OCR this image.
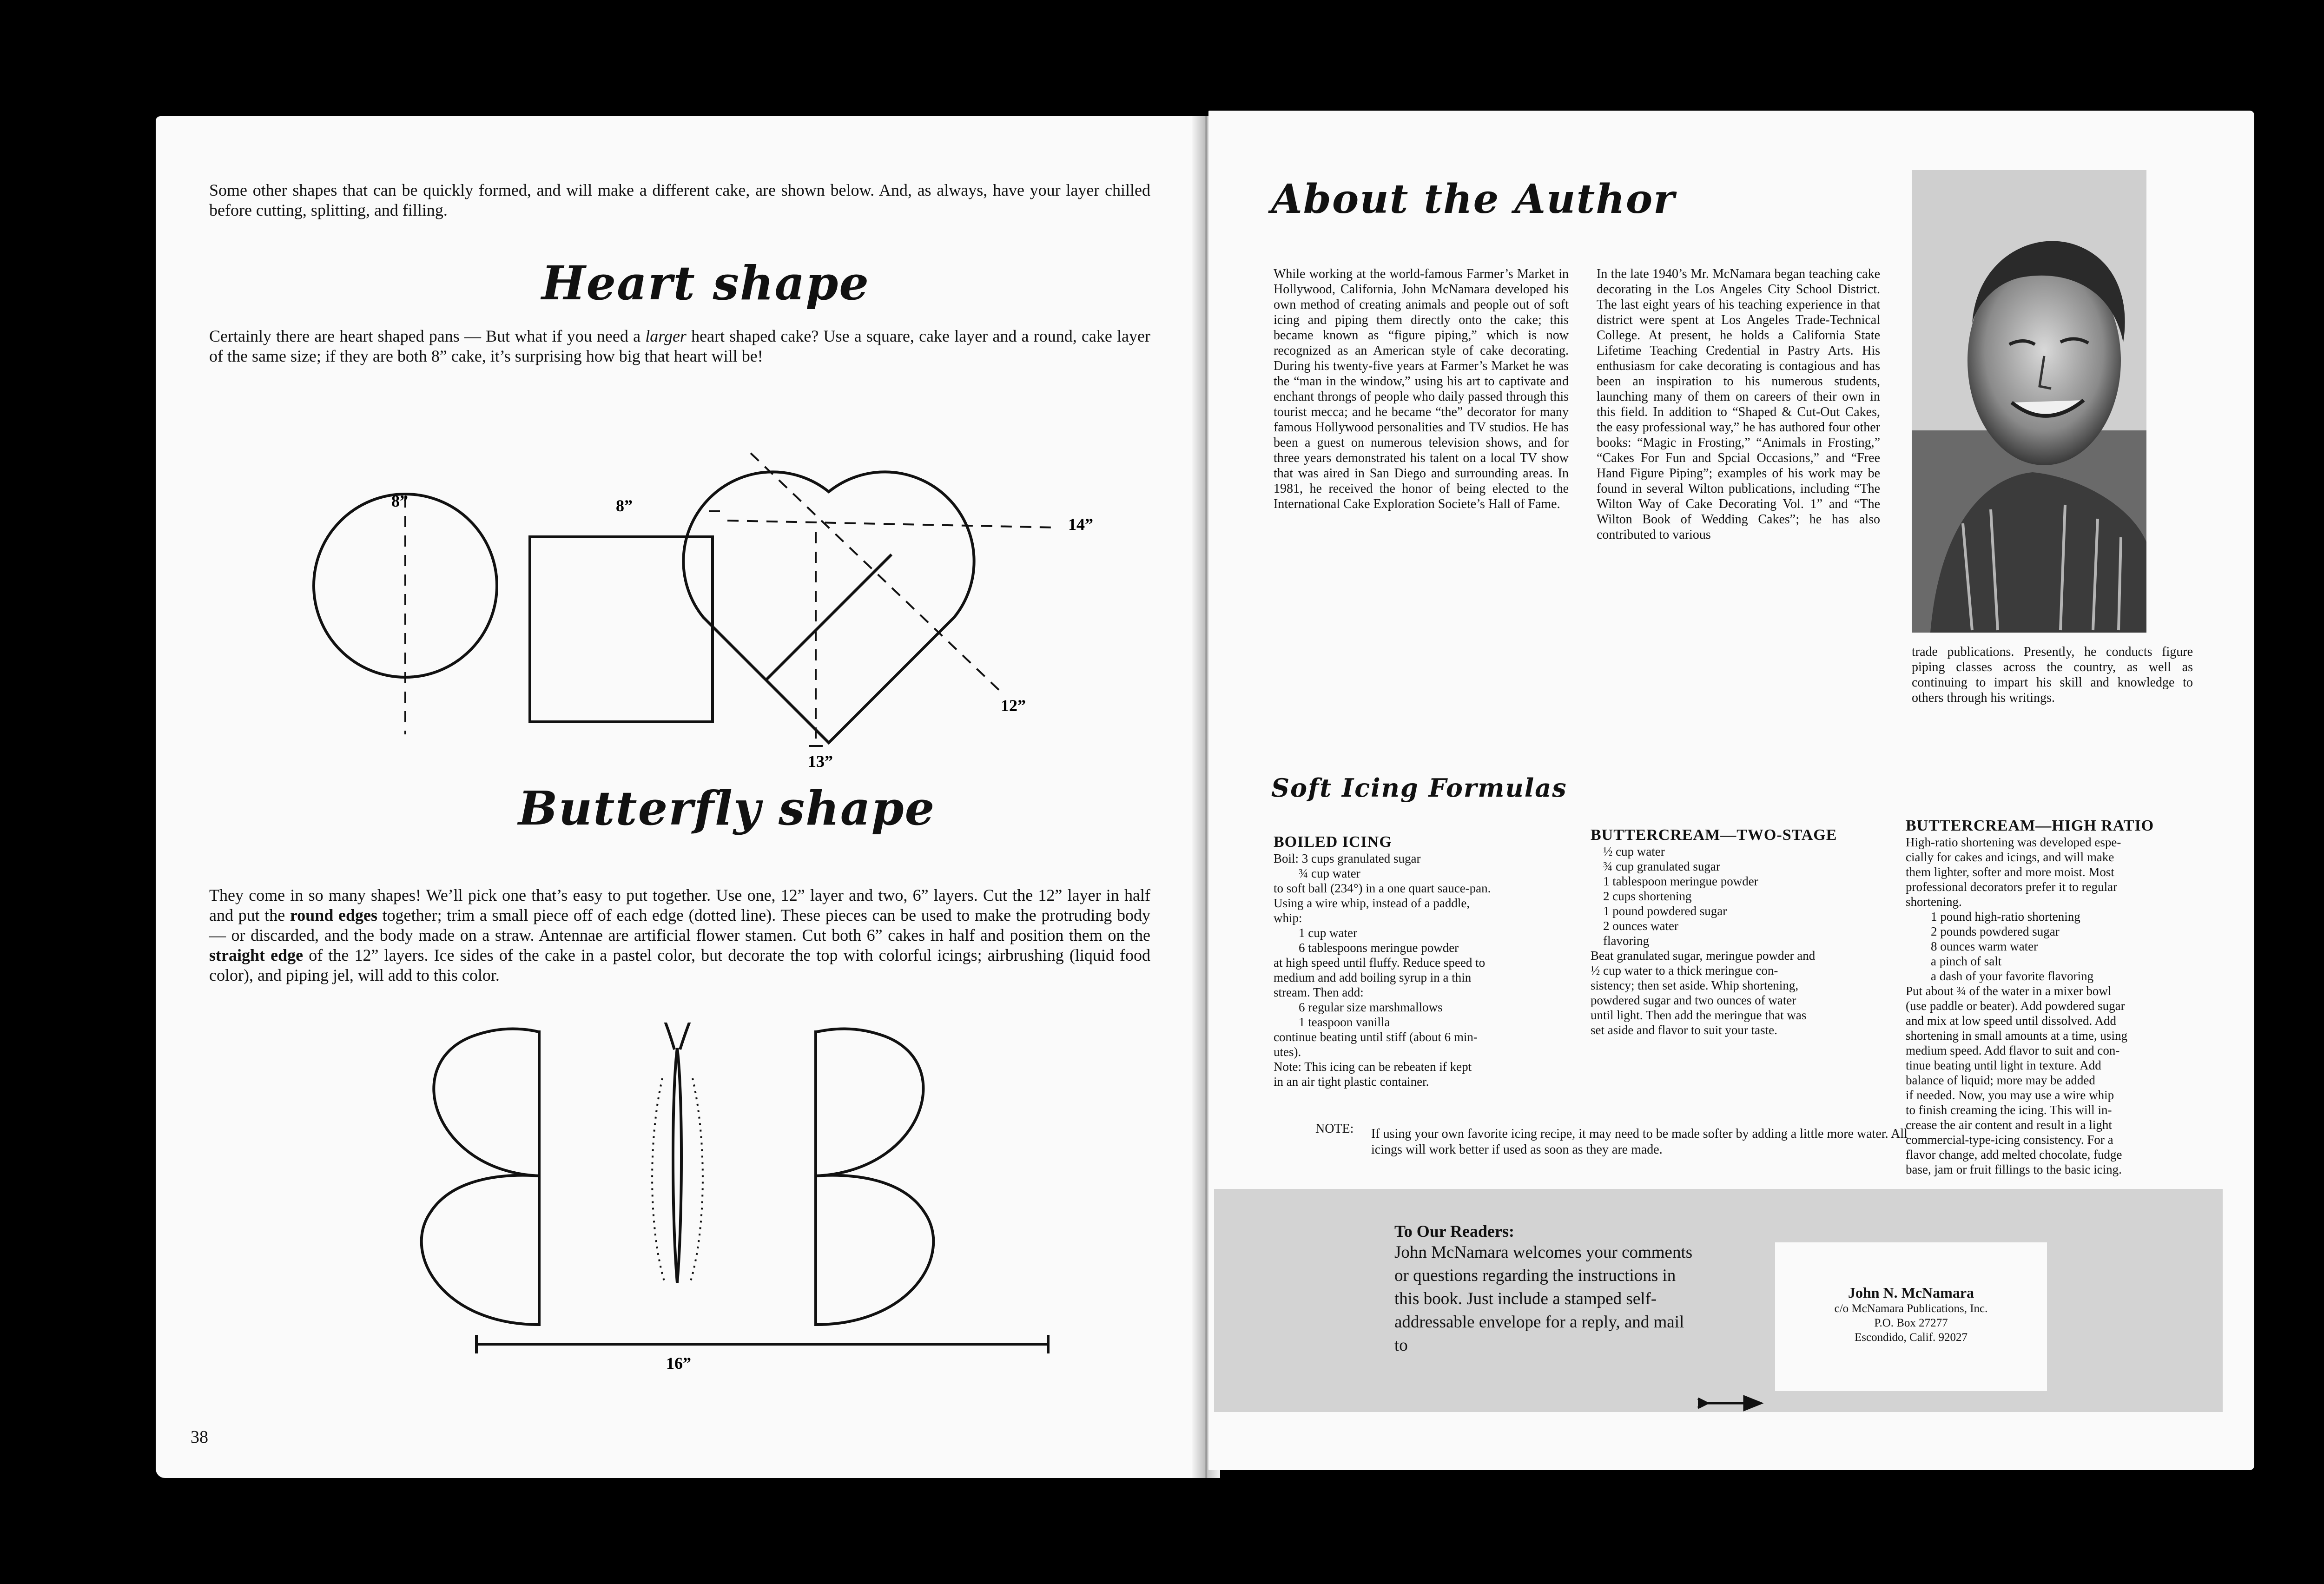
Some other shapes that can be quickly formed, and will make a different cake, are shown below. And, as always, have your layer chilled before cutting, splitting, and filling.
Heart shape
Certainly there are heart shaped pans — But what if you need a larger heart shaped cake? Use a square, cake layer and a round, cake layer of the same size; if they are both 8” cake, it’s surprising how big that heart will be!
8”	8”
14”
12”
13”
Butterfly shape
They come in so many shapes! We’ll pick one that’s easy to put together. Use one, 12” layer and two, 6” layers. Cut the 12” layer in half and put the round edges together; trim a small piece off of each edge (dotted line). These pieces can be used to make the protruding body — or discarded, and the body made on a straw. Antennae are artificial flower stamen. Cut both 6” cakes in half and position them on the straight edge of the 12” layers. Ice sides of the cake in a pastel color, but decorate the top with colorful icings; airbrushing (liquid food color), and piping jel, will add to this color.
16”
38
About the Author
While working at the world-famous Farmer’s Market in Hollywood, California, John McNamara developed his own method of creating animals and people out of soft icing and piping them directly onto the cake; this became known as “figure piping,” which is now recognized as an American style of cake decorating. During his twenty-five years at Farmer’s Market he was the “man in the window,” using his art to captivate and enchant throngs of people who daily passed through this tourist mecca; and he became “the” decorator for many famous Hollywood personalities and TV studios. He has been a guest on numerous television shows, and for three years demonstrated his talent on a local TV show that was aired in San Diego and surrounding areas. In 1981, he received the honor of being elected to the International Cake Exploration Societe’s Hall of Fame.
In the late 1940’s Mr. McNamara began teaching cake decorating in the Los Angeles City School District. The last eight years of his teaching experience in that district were spent at Los Angeles Trade-Technical College. At present, he holds a California State Lifetime Teaching Credential in Pastry Arts. His enthusiasm for cake decorating is contagious and has been an inspiration to his numerous students, launching many of them on careers of their own in this field. In addition to “Shaped & Cut-Out Cakes, the easy professional way,” he has authored four other books: “Magic in Frosting,” “Animals in Frosting,” “Cakes For Fun and Spcial Occasions,” and “Free Hand Figure Piping”; examples of his work may be found in several Wilton publications, including “The Wilton Way of Cake Decorating Vol. 1” and “The Wilton Book of Wedding Cakes”; he has also contributed to various
trade publications. Presently, he conducts figure piping classes across the country, as well as continuing to impart his skill and knowledge to others through his writings.
Soft Icing Formulas
BOILED ICING
Boil: 3 cups granulated sugar
¾ cup water
to soft ball (234°) in a one quart sauce-pan.
Using a wire whip, instead of a paddle,
whip:
1 cup water
6 tablespoons meringue powder
at high speed until fluffy. Reduce speed to
medium and add boiling syrup in a thin
stream. Then add:
6 regular size marshmallows
1 teaspoon vanilla
continue beating until stiff (about 6 min-
utes).
Note: This icing can be rebeaten if kept
in an air tight plastic container.
BUTTERCREAM—TWO-STAGE
½ cup water
¾ cup granulated sugar
1 tablespoon meringue powder
2 cups shortening
1 pound powdered sugar
2 ounces water
flavoring
Beat granulated sugar, meringue powder and
½ cup water to a thick meringue con-
sistency; then set aside. Whip shortening,
powdered sugar and two ounces of water
until light. Then add the meringue that was
set aside and flavor to suit your taste.
BUTTERCREAM—HIGH RATIO
High-ratio shortening was developed espe-
cially for cakes and icings, and will make
them lighter, softer and more moist. Most
professional decorators prefer it to regular
shortening.
1 pound high-ratio shortening
2 pounds powdered sugar
8 ounces warm water
a pinch of salt
a dash of your favorite flavoring
Put about ¾ of the water in a mixer bowl
(use paddle or beater). Add powdered sugar
and mix at low speed until dissolved. Add
shortening in small amounts at a time, using
medium speed. Add flavor to suit and con-
tinue beating until light in texture. Add
balance of liquid; more may be added
if needed. Now, you may use a wire whip
to finish creaming the icing. This will in-
crease the air content and result in a light
commercial-type-icing consistency. For a
flavor change, add melted chocolate, fudge
base, jam or fruit fillings to the basic icing.
NOTE: If using your own favorite icing recipe, it may need to be made softer by adding a little more water. All icings will work better if used as soon as they are made.
To Our Readers:
John McNamara welcomes your comments or questions regarding the instructions in this book. Just include a stamped self-addressable envelope for a reply, and mail to
John N. McNamara
c/o McNamara Publications, Inc.
P.O. Box 27277
Escondido, Calif. 92027
